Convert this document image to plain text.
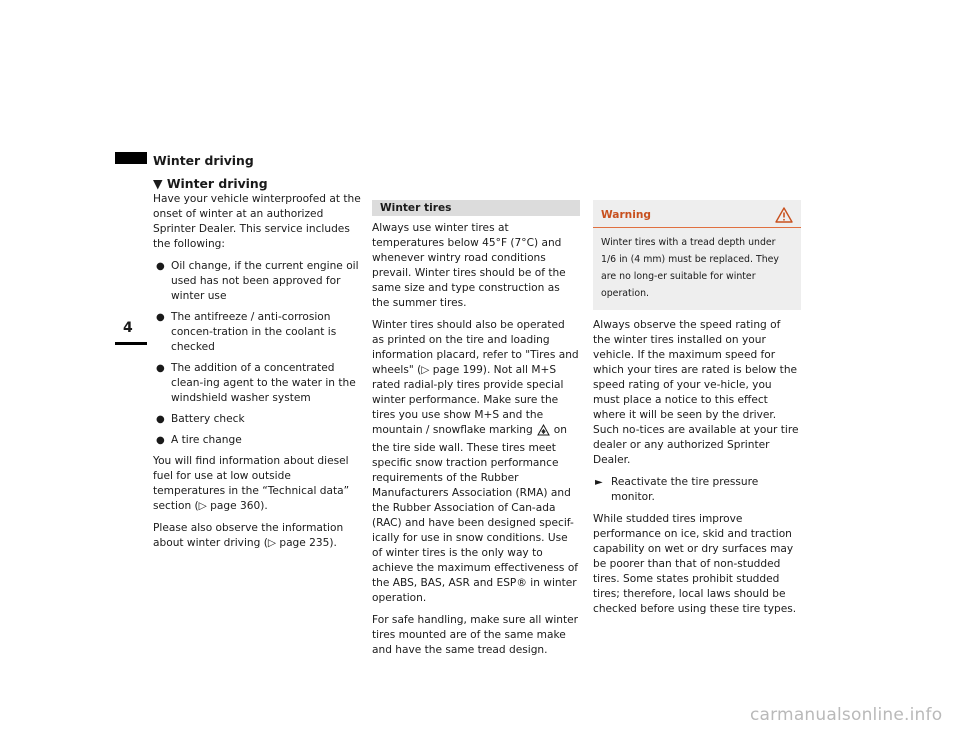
Winter driving
4
▼ Winter driving

Have your vehicle winterproofed at the onset of winter at an authorized Sprinter Dealer. This service includes the following:

● Oil change, if the current engine oil used has not been approved for winter use
● The antifreeze / anti-corrosion concen-tration in the coolant is checked
● The addition of a concentrated clean-ing agent to the water in the windshield washer system
● Battery check
● A tire change

You will find information about diesel fuel for use at low outside temperatures in the “Technical data” section (▷ page 360).

Please also observe the information about winter driving (▷ page 235).

Winter tires

Always use winter tires at temperatures below 45°F (7°C) and whenever wintry road conditions prevail. Winter tires should be of the same size and type construction as the summer tires.

Winter tires should also be operated as printed on the tire and loading information placard, refer to "Tires and wheels" (▷ page 199). Not all M+S rated radial-ply tires provide special winter performance. Make sure the tires you use show M+S and the mountain / snowflake marking on the tire side wall. These tires meet specific snow traction performance requirements of the Rubber Manufacturers Association (RMA) and the Rubber Association of Can-ada (RAC) and have been designed specif-ically for use in snow conditions. Use of winter tires is the only way to achieve the maximum effectiveness of the ABS, BAS, ASR and ESP® in winter operation.

For safe handling, make sure all winter tires mounted are of the same make and have the same tread design.

Warning
Winter tires with a tread depth under 1/6 in (4 mm) must be replaced. They are no long-er suitable for winter operation.

Always observe the speed rating of the winter tires installed on your vehicle. If the maximum speed for which your tires are rated is below the speed rating of your ve-hicle, you must place a notice to this effect where it will be seen by the driver. Such no-tices are available at your tire dealer or any authorized Sprinter Dealer.

► Reactivate the tire pressure monitor.

While studded tires improve performance on ice, skid and traction capability on wet or dry surfaces may be poorer than that of non-studded tires. Some states prohibit studded tires; therefore, local laws should be checked before using these tire types.

carmanualsonline.info
